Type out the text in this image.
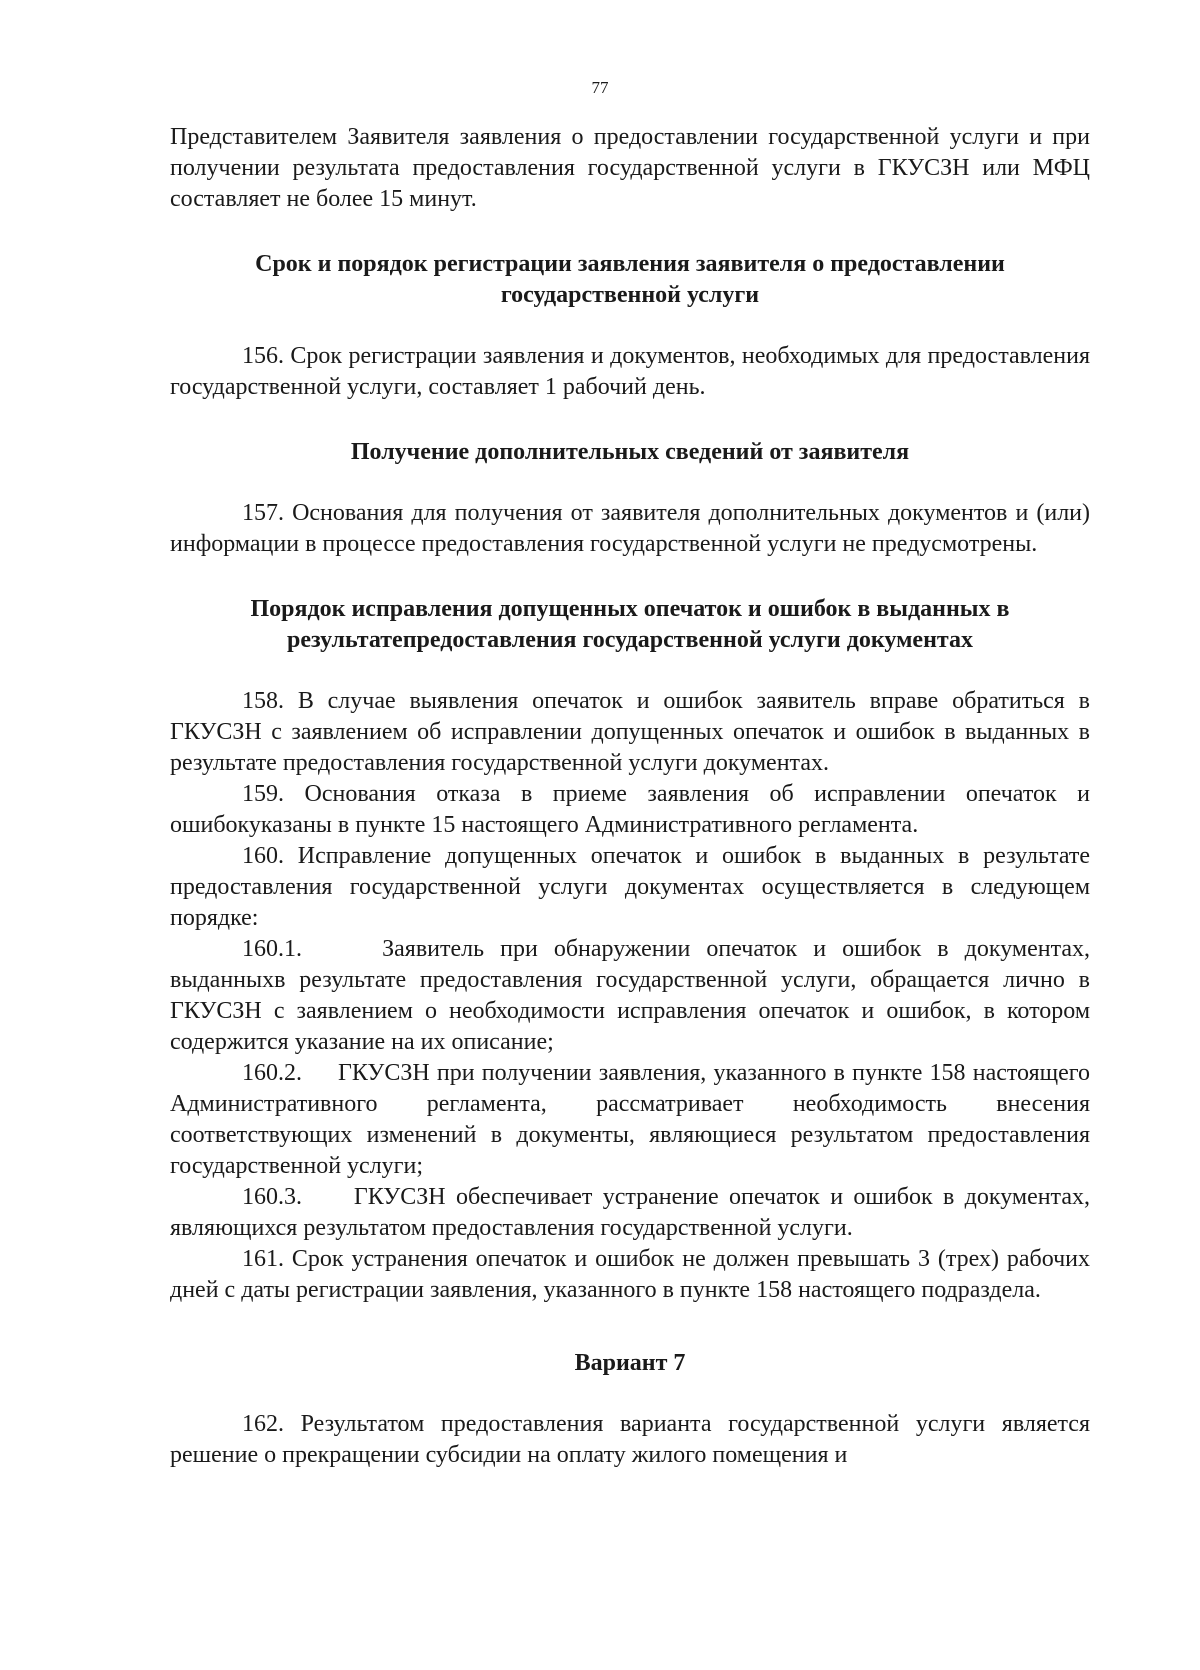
77

Представителем Заявителя заявления о предоставлении государственной услуги и при получении результата предоставления государственной услуги в ГКУСЗН или МФЦ составляет не более 15 минут.

Срок и порядок регистрации заявления заявителя о предоставлении государственной услуги

156. Срок регистрации заявления и документов, необходимых для предоставления государственной услуги, составляет 1 рабочий день.

Получение дополнительных сведений от заявителя

157. Основания для получения от заявителя дополнительных документов и (или) информации в процессе предоставления государственной услуги не предусмотрены.

Порядок исправления допущенных опечаток и ошибок в выданных в результатепредоставления государственной услуги документах

158. В случае выявления опечаток и ошибок заявитель вправе обратиться в ГКУСЗН с заявлением об исправлении допущенных опечаток и ошибок в выданных в результате предоставления государственной услуги документах.

159. Основания отказа в приеме заявления об исправлении опечаток и ошибокуказаны в пункте 15 настоящего Административного регламента.

160. Исправление допущенных опечаток и ошибок в выданных в результате предоставления государственной услуги документах осуществляется в следующем порядке:

160.1.     Заявитель при обнаружении опечаток и ошибок в документах, выданныхв результате предоставления государственной услуги, обращается лично в ГКУСЗН с заявлением о необходимости исправления опечаток и ошибок, в котором содержится указание на их описание;

160.2.     ГКУСЗН при получении заявления, указанного в пункте 158 настоящего Административного регламента, рассматривает необходимость внесения соответствующих изменений в документы, являющиеся результатом предоставления государственной услуги;

160.3.     ГКУСЗН обеспечивает устранение опечаток и ошибок в документах, являющихся результатом предоставления государственной услуги.

161. Срок устранения опечаток и ошибок не должен превышать 3 (трех) рабочих дней с даты регистрации заявления, указанного в пункте 158 настоящего подраздела.

Вариант 7

162. Результатом предоставления варианта государственной услуги является решение о прекращении субсидии на оплату жилого помещения и
